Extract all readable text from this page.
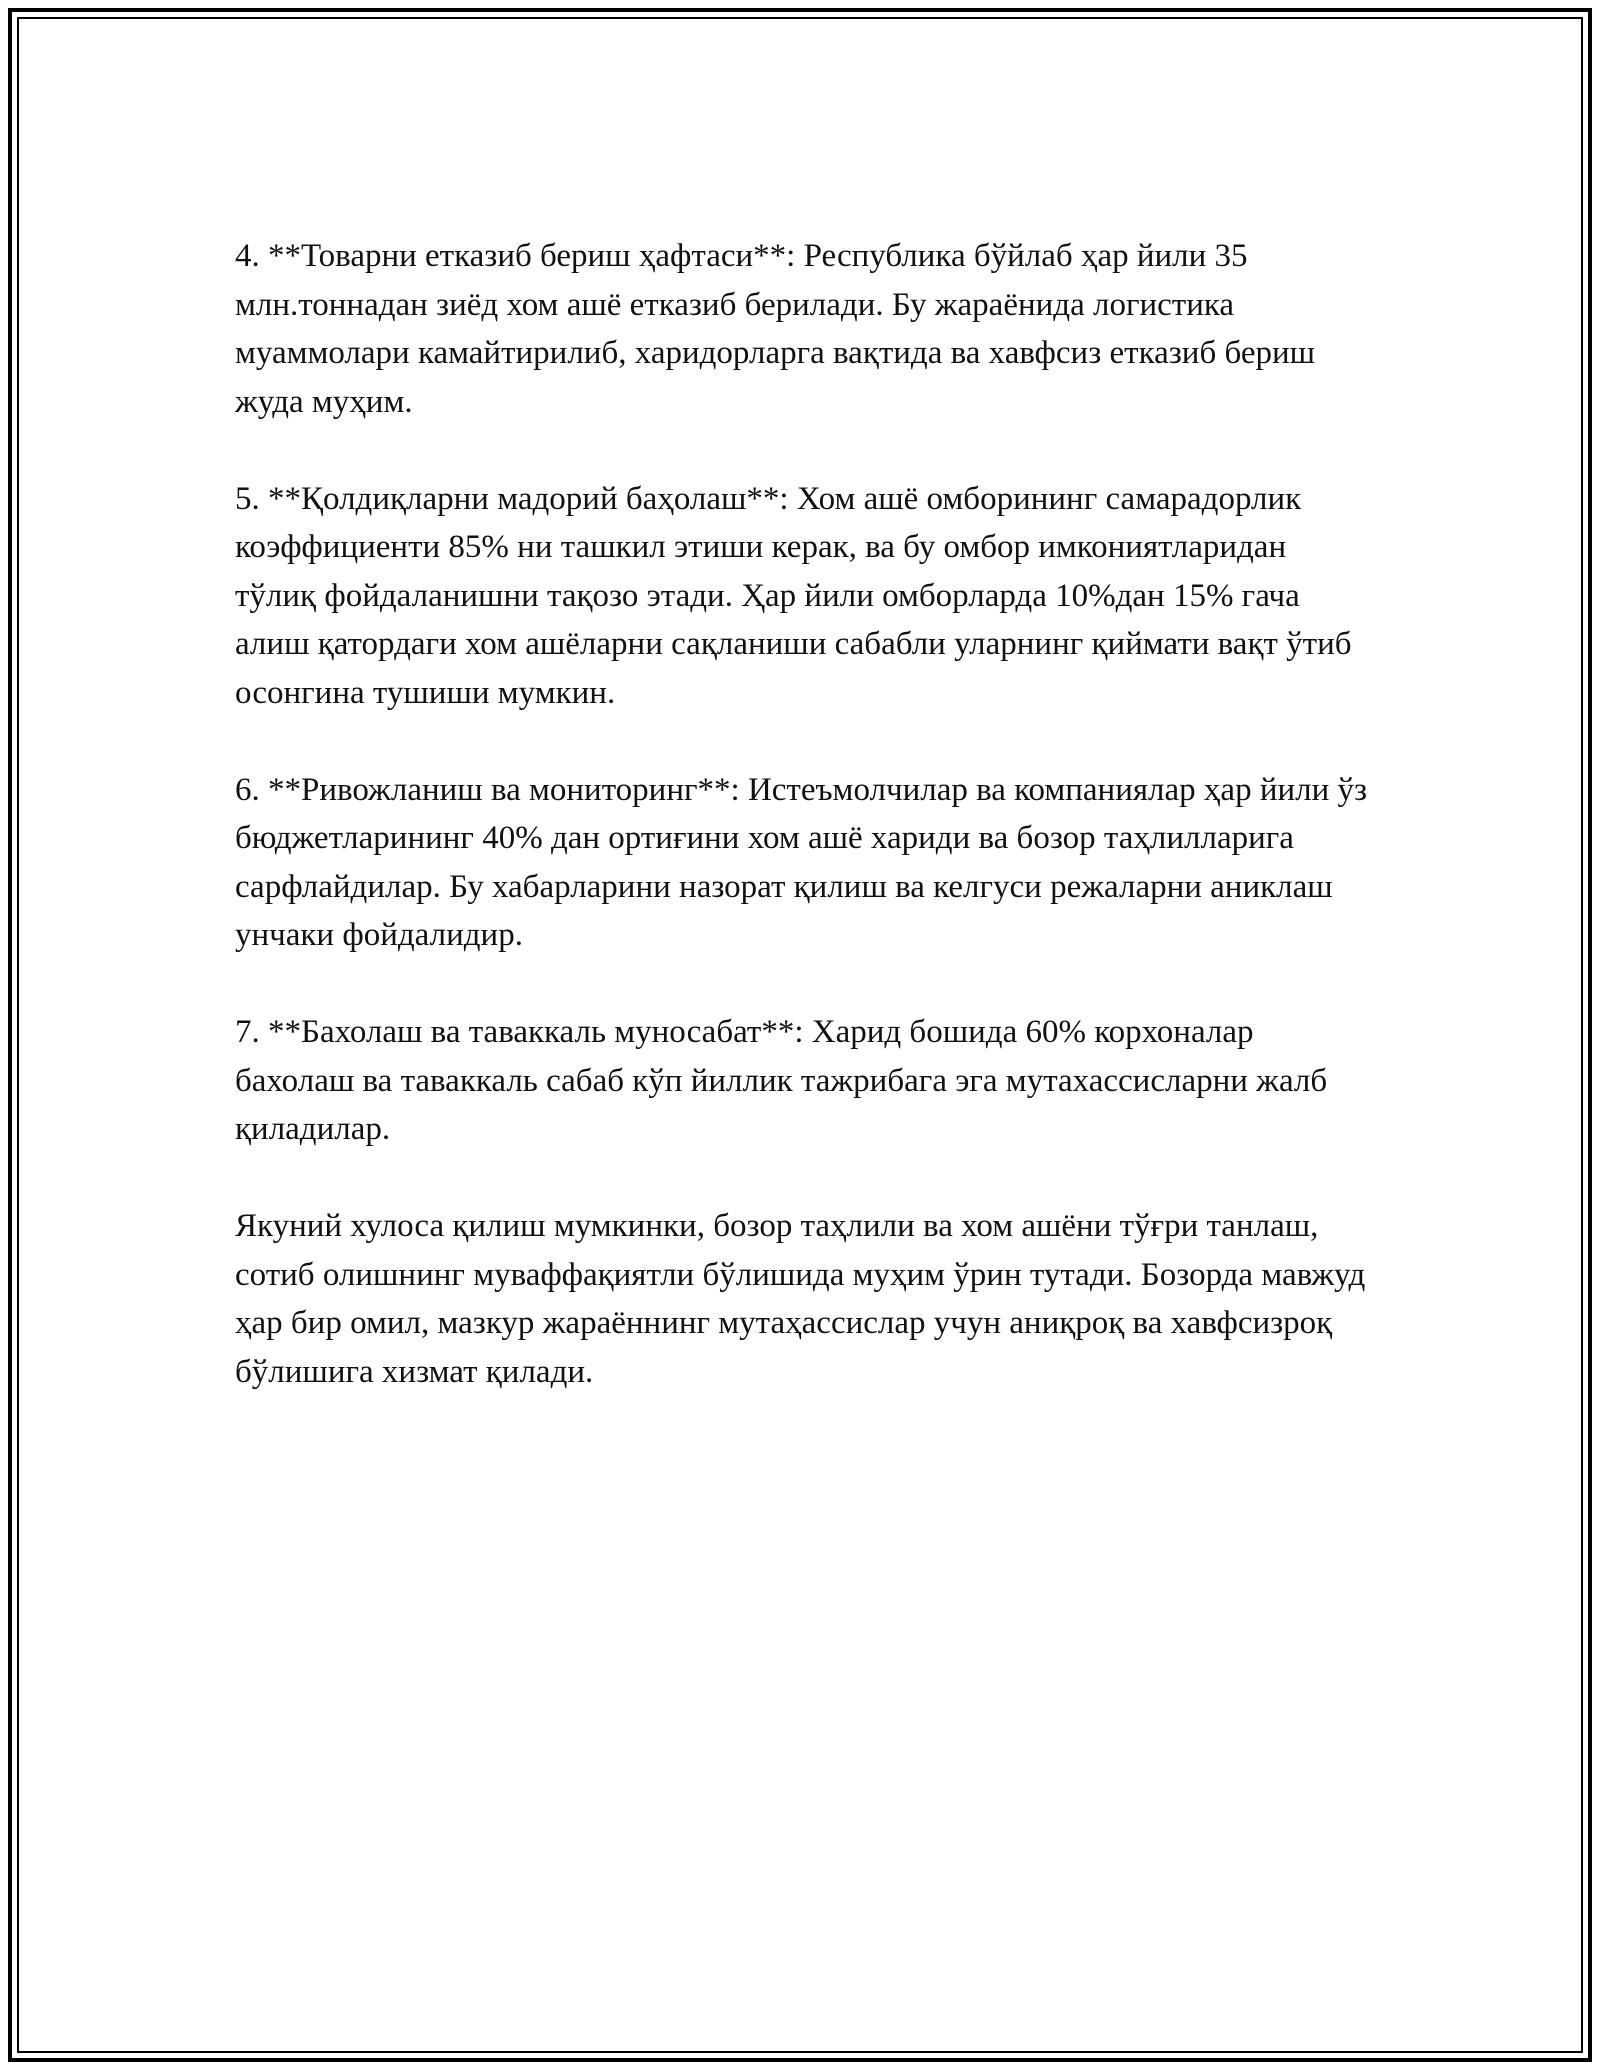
4. **Товарни етказиб бериш ҳафтаси**: Республика бўйлаб ҳар йили 35 млн.тоннадан зиёд хом ашё етказиб берилади. Бу жараёнида логистика муаммолари камайтирилиб, харидорларга вақтида ва хавфсиз етказиб бериш жуда муҳим.

5. **Қолдиқларни мадорий баҳолаш**: Хом ашё омборининг самарадорлик коэффициенти 85% ни ташкил этиши керак, ва бу омбор имкониятларидан тўлиқ фойдаланишни тақозо этади. Ҳар йили омборларда 10%дан 15% гача алиш қатордаги хом ашёларни сақланиши сабабли уларнинг қиймати вақт ўтиб осонгина тушиши мумкин.

6. **Ривожланиш ва мониторинг**: Истеъмолчилар ва компаниялар ҳар йили ўз бюджетларининг 40% дан ортиғини хом ашё хариди ва бозор таҳлилларига сарфлайдилар. Бу хабарларини назорат қилиш ва келгуси режаларни аниклаш унчаки фойдалидир.

7. **Бахолаш ва таваккаль муносабат**: Харид бошида 60% корхоналар бахолаш ва таваккаль сабаб кўп йиллик тажрибага эга мутахассисларни жалб қиладилар.

Якуний хулоса қилиш мумкинки, бозор таҳлили ва хом ашёни тўғри танлаш, сотиб олишнинг муваффақиятли бўлишида муҳим ўрин тутади. Бозорда мавжуд ҳар бир омил, мазкур жараённинг мутаҳассислар учун аниқроқ ва хавфсизроқ бўлишига хизмат қилади.
